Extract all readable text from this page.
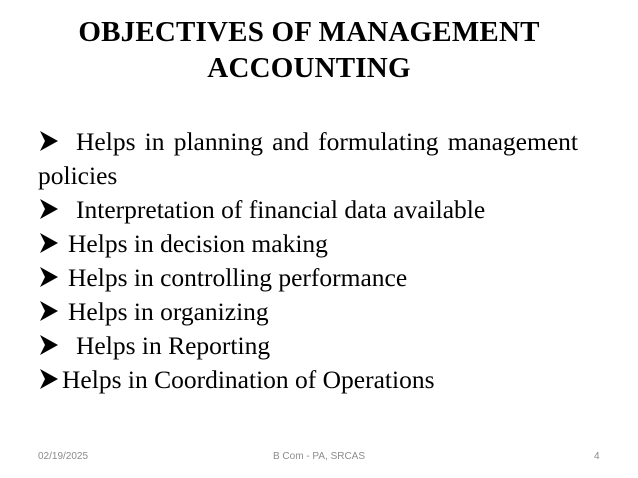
OBJECTIVES OF MANAGEMENT
ACCOUNTING
Helps in planning and formulating management policies
Interpretation of financial data available
Helps in decision making
Helps in controlling performance
Helps in organizing
Helps in Reporting
Helps in Coordination of Operations
02/19/2025	B Com - PA, SRCAS	4
